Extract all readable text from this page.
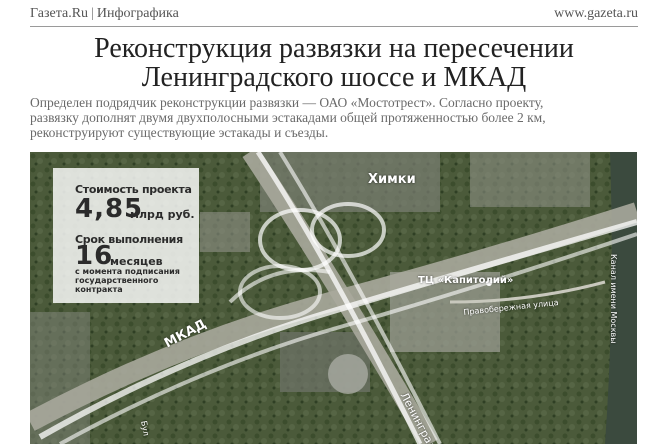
Газета.Ru | Инфографика	www.gazeta.ru
Реконструкция развязки на пересечении
Ленинградского шоссе и МКАД
Определен подрядчик реконструкции развязки — ОАО «Мостотрест». Согласно проекту,
развязку дополнят двумя двухполосными эстакадами общей протяженностью более 2 км,
реконструируют существующие эстакады и съезды.
Химки
МКАД
ТЦ «Капитолий»
Правобережная улица	Канал имени Москвы
Бул
Стоимость проекта
4,85
млрд руб.
Срок выполнения
16
месяцев
с момента подписания
государственного контракта
